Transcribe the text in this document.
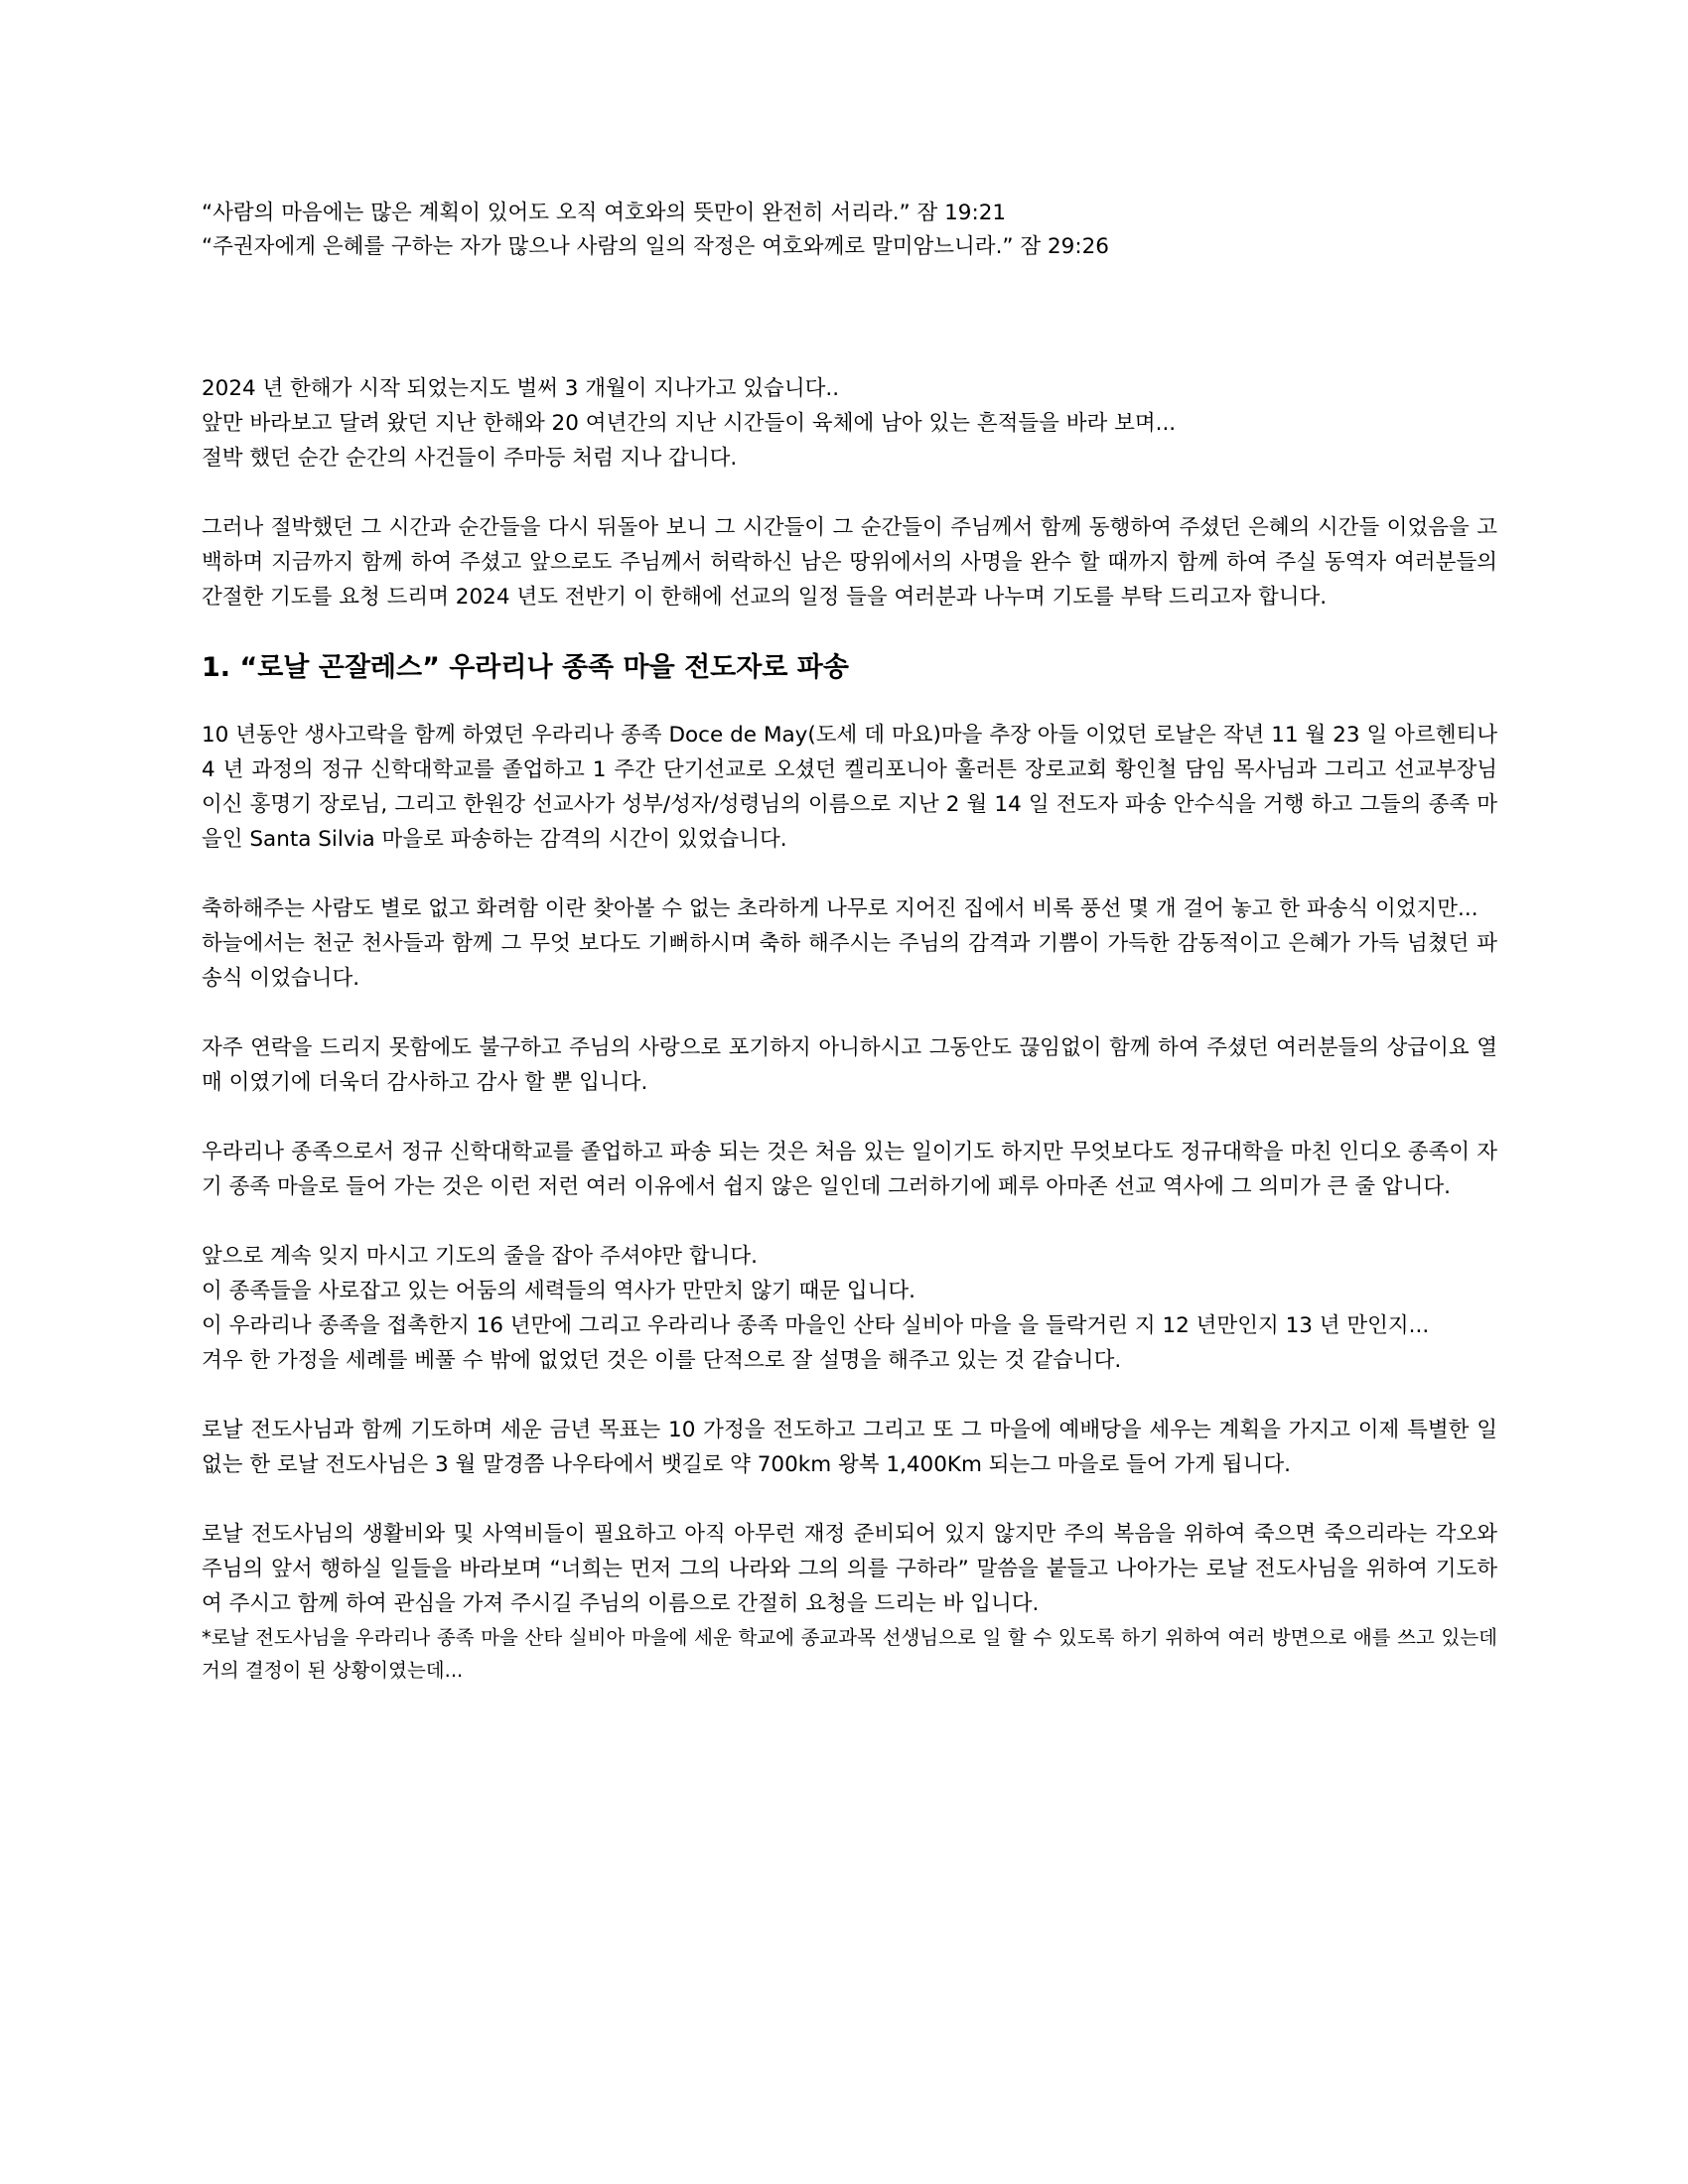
“사람의 마음에는 많은 계획이 있어도 오직 여호와의 뜻만이 완전히 서리라.” 잠 19:21

“주권자에게 은혜를 구하는 자가 많으나 사람의 일의 작정은 여호와께로 말미암느니라.” 잠 29:26

2024 년 한해가 시작 되었는지도 벌써 3 개월이 지나가고 있습니다..

앞만 바라보고 달려 왔던 지난 한해와 20 여년간의 지난 시간들이 육체에 남아 있는 흔적들을 바라 보며...

절박 했던 순간 순간의 사건들이 주마등 처럼 지나 갑니다.

그러나 절박했던 그 시간과 순간들을 다시 뒤돌아 보니 그 시간들이 그 순간들이 주님께서 함께 동행하여 주셨던 은혜의 시간들 이었음을 고백하며 지금까지 함께 하여 주셨고 앞으로도 주님께서 허락하신 남은 땅위에서의 사명을 완수 할 때까지 함께 하여 주실 동역자 여러분들의 간절한 기도를 요청 드리며 2024 년도 전반기 이 한해에 선교의 일정 들을 여러분과 나누며 기도를 부탁 드리고자 합니다.

1. “로날 곤잘레스” 우라리나 종족 마을 전도자로 파송

10 년동안 생사고락을 함께 하였던 우라리나 종족 Doce de May(도세 데 마요)마을 추장 아들 이었던 로날은 작년 11 월 23 일 아르헨티나 4 년 과정의 정규 신학대학교를 졸업하고 1 주간 단기선교로 오셨던 켈리포니아 훌러튼 장로교회 황인철 담임 목사님과 그리고 선교부장님 이신 홍명기 장로님, 그리고 한원강 선교사가 성부/성자/성령님의 이름으로 지난 2 월 14 일 전도자 파송 안수식을 거행 하고 그들의 종족 마을인 Santa Silvia 마을로 파송하는 감격의 시간이 있었습니다.

축하해주는 사람도 별로 없고 화려함 이란 찾아볼 수 없는 초라하게 나무로 지어진 집에서 비록 풍선 몇 개 걸어 놓고 한 파송식 이었지만...

하늘에서는 천군 천사들과 함께 그 무엇 보다도 기뻐하시며 축하 해주시는 주님의 감격과 기쁨이 가득한 감동적이고 은혜가 가득 넘쳤던 파송식 이었습니다.

자주 연락을 드리지 못함에도 불구하고 주님의 사랑으로 포기하지 아니하시고 그동안도 끊임없이 함께 하여 주셨던 여러분들의 상급이요 열매 이였기에 더욱더 감사하고 감사 할 뿐 입니다.

우라리나 종족으로서 정규 신학대학교를 졸업하고 파송 되는 것은 처음 있는 일이기도 하지만 무엇보다도 정규대학을 마친 인디오 종족이 자기 종족 마을로 들어 가는 것은 이런 저런 여러 이유에서 쉽지 않은 일인데 그러하기에 페루 아마존 선교 역사에 그 의미가 큰 줄 압니다.

앞으로 계속 잊지 마시고 기도의 줄을 잡아 주셔야만 합니다.

이 종족들을 사로잡고 있는 어둠의 세력들의 역사가 만만치 않기 때문 입니다.

이 우라리나 종족을 접촉한지 16 년만에 그리고 우라리나 종족 마을인 산타 실비아 마을 을 들락거린 지 12 년만인지 13 년 만인지...

겨우 한 가정을 세례를 베풀 수 밖에 없었던 것은 이를 단적으로 잘 설명을 해주고 있는 것 같습니다.

로날 전도사님과 함께 기도하며 세운 금년 목표는 10 가정을 전도하고 그리고 또 그 마을에 예배당을 세우는 계획을 가지고 이제 특별한 일없는 한 로날 전도사님은 3 월 말경쯤 나우타에서 뱃길로 약 700km 왕복 1,400Km 되는그 마을로 들어 가게 됩니다.

로날 전도사님의 생활비와 및 사역비들이 필요하고 아직 아무런 재정 준비되어 있지 않지만 주의 복음을 위하여 죽으면 죽으리라는 각오와 주님의 앞서 행하실 일들을 바라보며 “너희는 먼저 그의 나라와 그의 의를 구하라” 말씀을 붙들고 나아가는 로날 전도사님을 위하여 기도하여 주시고 함께 하여 관심을 가져 주시길 주님의 이름으로 간절히 요청을 드리는 바 입니다.

*로날 전도사님을 우라리나 종족 마을 산타 실비아 마을에 세운 학교에 종교과목 선생님으로 일 할 수 있도록 하기 위하여 여러 방면으로 애를 쓰고 있는데 거의 결정이 된 상황이였는데...
